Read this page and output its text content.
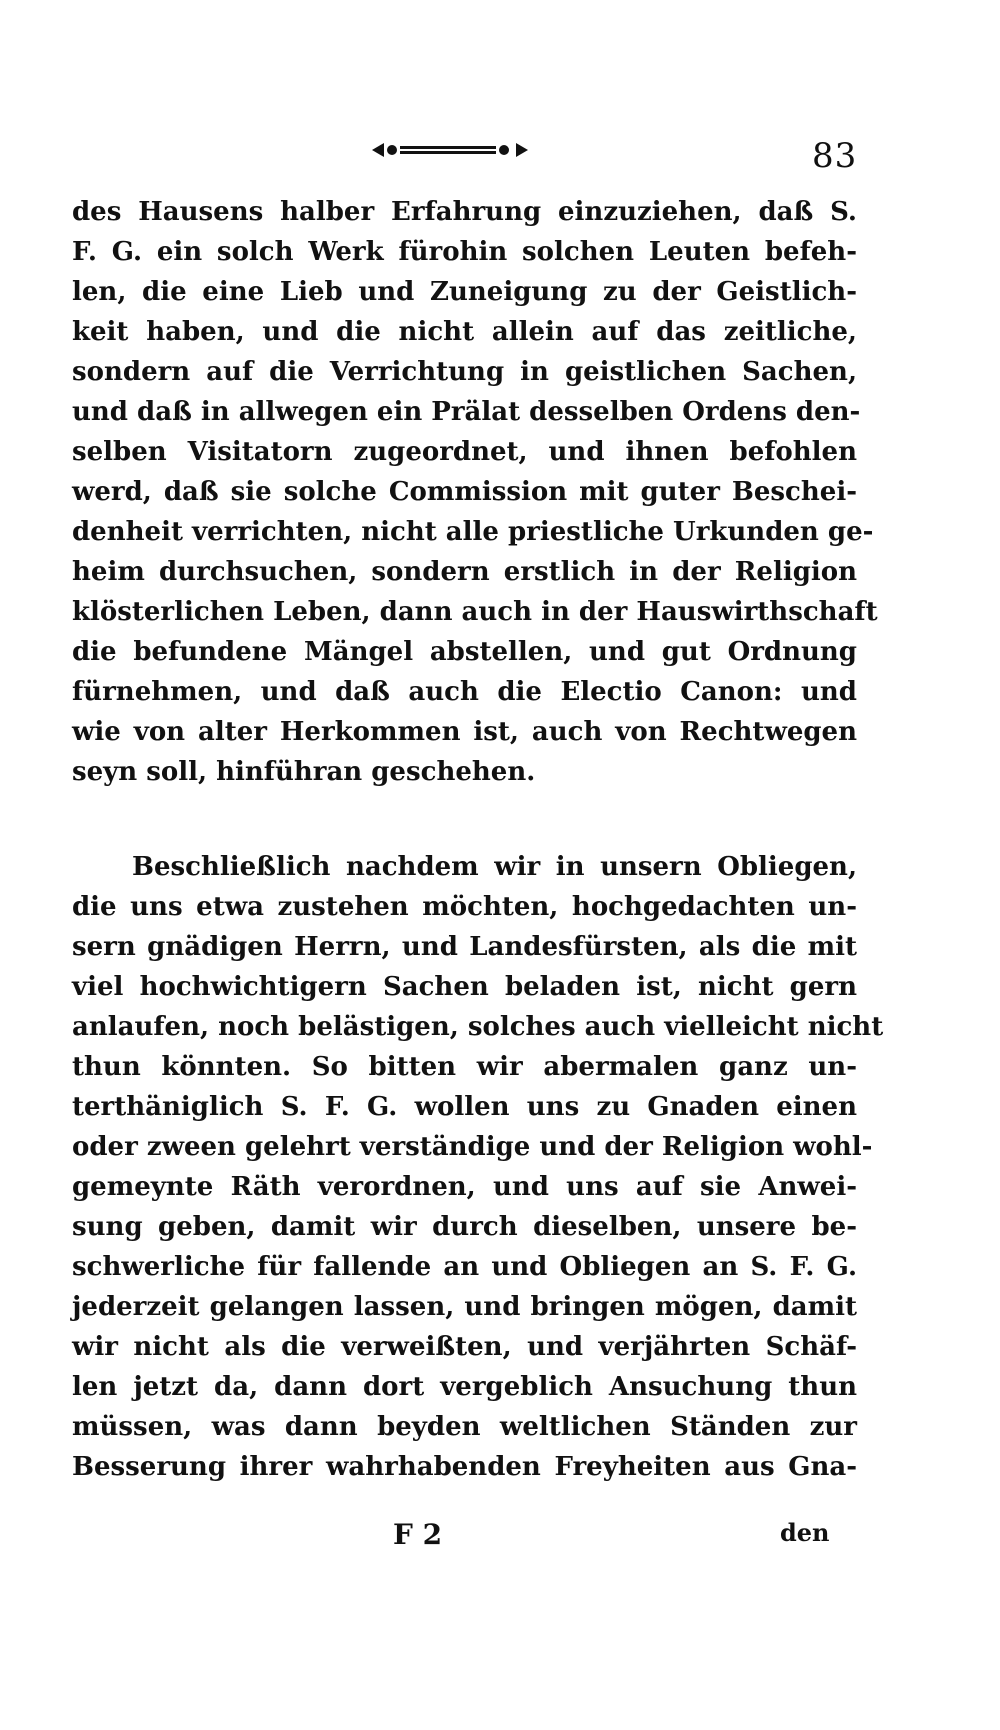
83
des Hausens halber Erfahrung einzuziehen, daß S.
F. G. ein solch Werk fürohin solchen Leuten befeh-
len, die eine Lieb und Zuneigung zu der Geistlich-
keit haben, und die nicht allein auf das zeitliche,
sondern auf die Verrichtung in geistlichen Sachen,
und daß in allwegen ein Prälat desselben Ordens den-
selben Visitatorn zugeordnet, und ihnen befohlen
werd, daß sie solche Commission mit guter Beschei-
denheit verrichten, nicht alle priestliche Urkunden ge-
heim durchsuchen, sondern erstlich in der Religion
klösterlichen Leben, dann auch in der Hauswirthschaft
die befundene Mängel abstellen, und gut Ordnung
fürnehmen, und daß auch die Electio Canon: und
wie von alter Herkommen ist, auch von Rechtwegen
seyn soll, hinführan geschehen.
Beschließlich nachdem wir in unsern Obliegen,
die uns etwa zustehen möchten, hochgedachten un-
sern gnädigen Herrn, und Landesfürsten, als die mit
viel hochwichtigern Sachen beladen ist, nicht gern
anlaufen, noch belästigen, solches auch vielleicht nicht
thun könnten. So bitten wir abermalen ganz un-
terthäniglich S. F. G. wollen uns zu Gnaden einen
oder zween gelehrt verständige und der Religion wohl-
gemeynte Räth verordnen, und uns auf sie Anwei-
sung geben, damit wir durch dieselben, unsere be-
schwerliche für fallende an und Obliegen an S. F. G.
jederzeit gelangen lassen, und bringen mögen, damit
wir nicht als die verweißten, und verjährten Schäf-
len jetzt da, dann dort vergeblich Ansuchung thun
müssen, was dann beyden weltlichen Ständen zur
Besserung ihrer wahrhabenden Freyheiten aus Gna-
F 2	den
